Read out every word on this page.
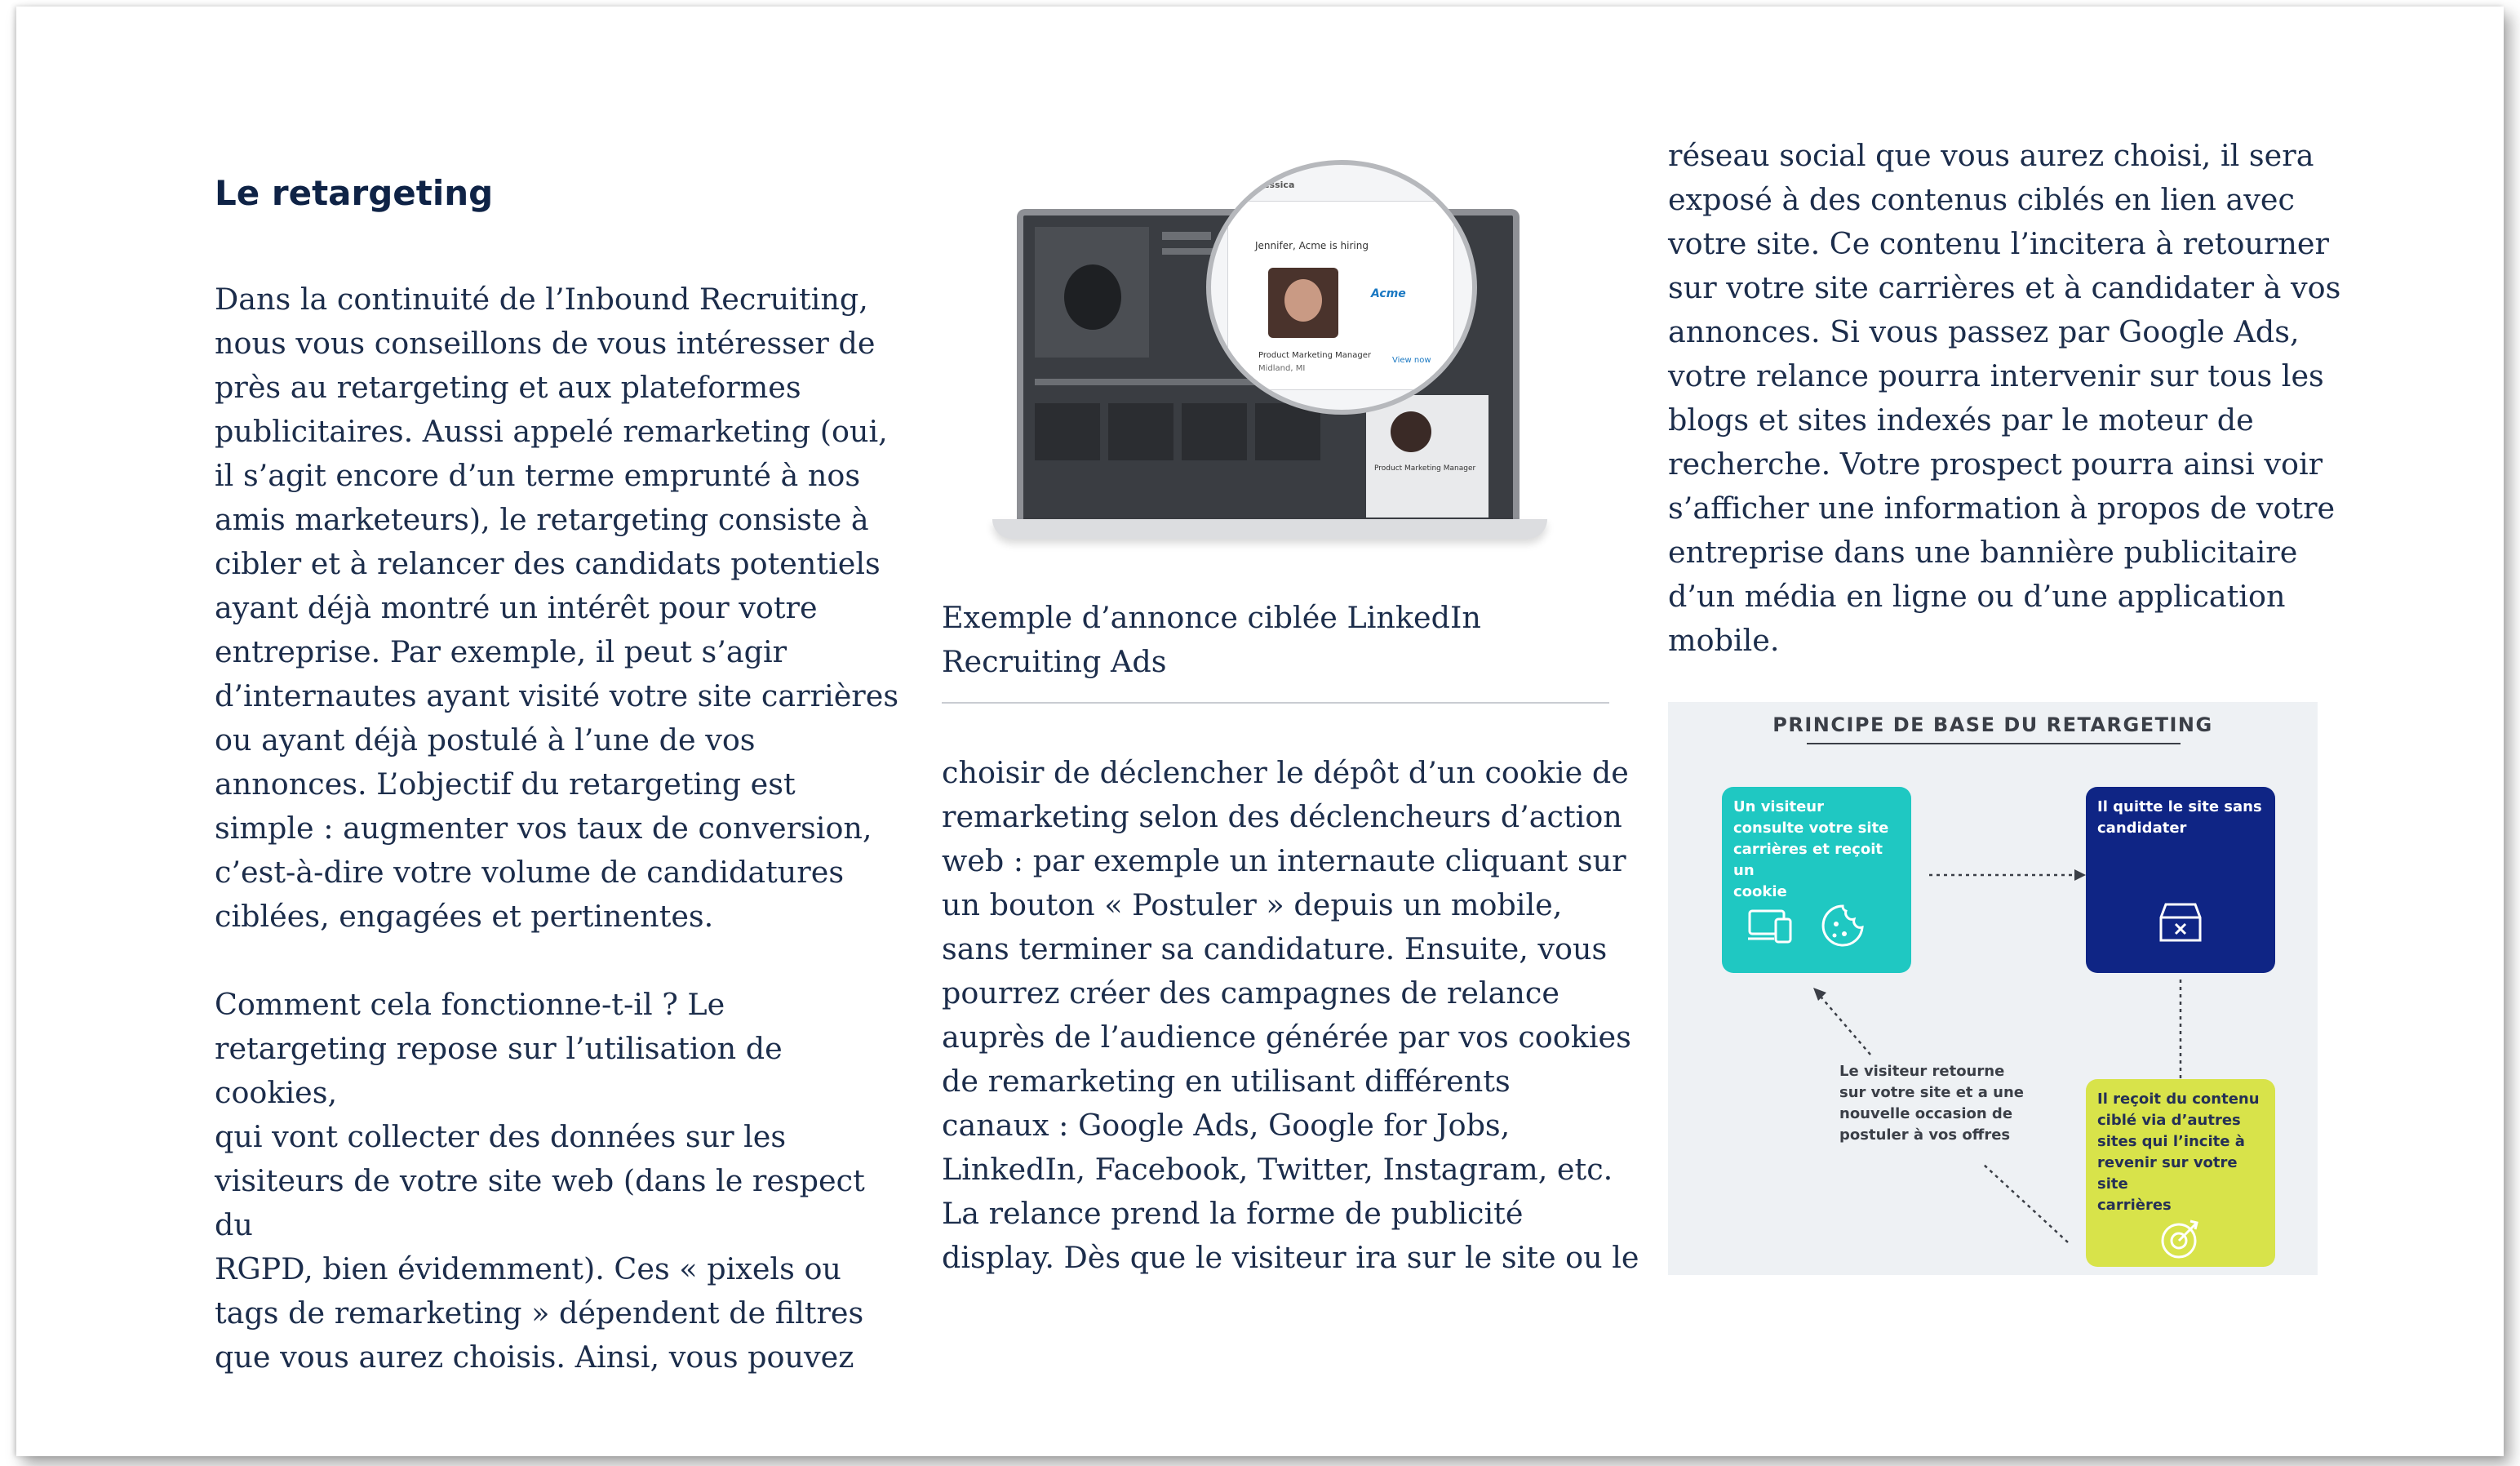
Le retargeting

Dans la continuité de l’Inbound Recruiting,
nous vous conseillons de vous intéresser de
près au retargeting et aux plateformes
publicitaires. Aussi appelé remarketing (oui,
il s’agit encore d’un terme emprunté à nos
amis marketeurs), le retargeting consiste à
cibler et à relancer des candidats potentiels
ayant déjà montré un intérêt pour votre
entreprise. Par exemple, il peut s’agir
d’internautes ayant visité votre site carrières
ou ayant déjà postulé à l’une de vos
annonces. L’objectif du retargeting est
simple : augmenter vos taux de conversion,
c’est-à-dire votre volume de candidatures
ciblées, engagées et pertinentes.

Comment cela fonctionne-t-il ? Le
retargeting repose sur l’utilisation de cookies,
qui vont collecter des données sur les
visiteurs de votre site web (dans le respect du
RGPD, bien évidemment). Ces « pixels ou
tags de remarketing » dépendent de filtres
que vous aurez choisis. Ainsi, vous pouvez

Product Marketing Manager
Jessica
Jennifer, Acme is hiring
Acme
Product Marketing Manager
Midland, MI
View now
Exemple d’annonce ciblée LinkedIn
Recruiting Ads

choisir de déclencher le dépôt d’un cookie de
remarketing selon des déclencheurs d’action
web : par exemple un internaute cliquant sur
un bouton « Postuler » depuis un mobile,
sans terminer sa candidature. Ensuite, vous
pourrez créer des campagnes de relance
auprès de l’audience générée par vos cookies
de remarketing en utilisant différents
canaux : Google Ads, Google for Jobs,
LinkedIn, Facebook, Twitter, Instagram, etc.
La relance prend la forme de publicité
display. Dès que le visiteur ira sur le site ou le

réseau social que vous aurez choisi, il sera
exposé à des contenus ciblés en lien avec
votre site. Ce contenu l’incitera à retourner
sur votre site carrières et à candidater à vos
annonces. Si vous passez par Google Ads,
votre relance pourra intervenir sur tous les
blogs et sites indexés par le moteur de
recherche. Votre prospect pourra ainsi voir
s’afficher une information à propos de votre
entreprise dans une bannière publicitaire
d’un média en ligne ou d’une application
mobile.

PRINCIPE DE BASE DU RETARGETING
Un visiteur
consulte votre site
carrières et reçoit un
cookie
Il quitte le site sans
candidater
Le visiteur retourne
sur votre site et a une
nouvelle occasion de
postuler à vos offres
Il reçoit du contenu
ciblé via d’autres
sites qui l’incite à
revenir sur votre site
carrières
